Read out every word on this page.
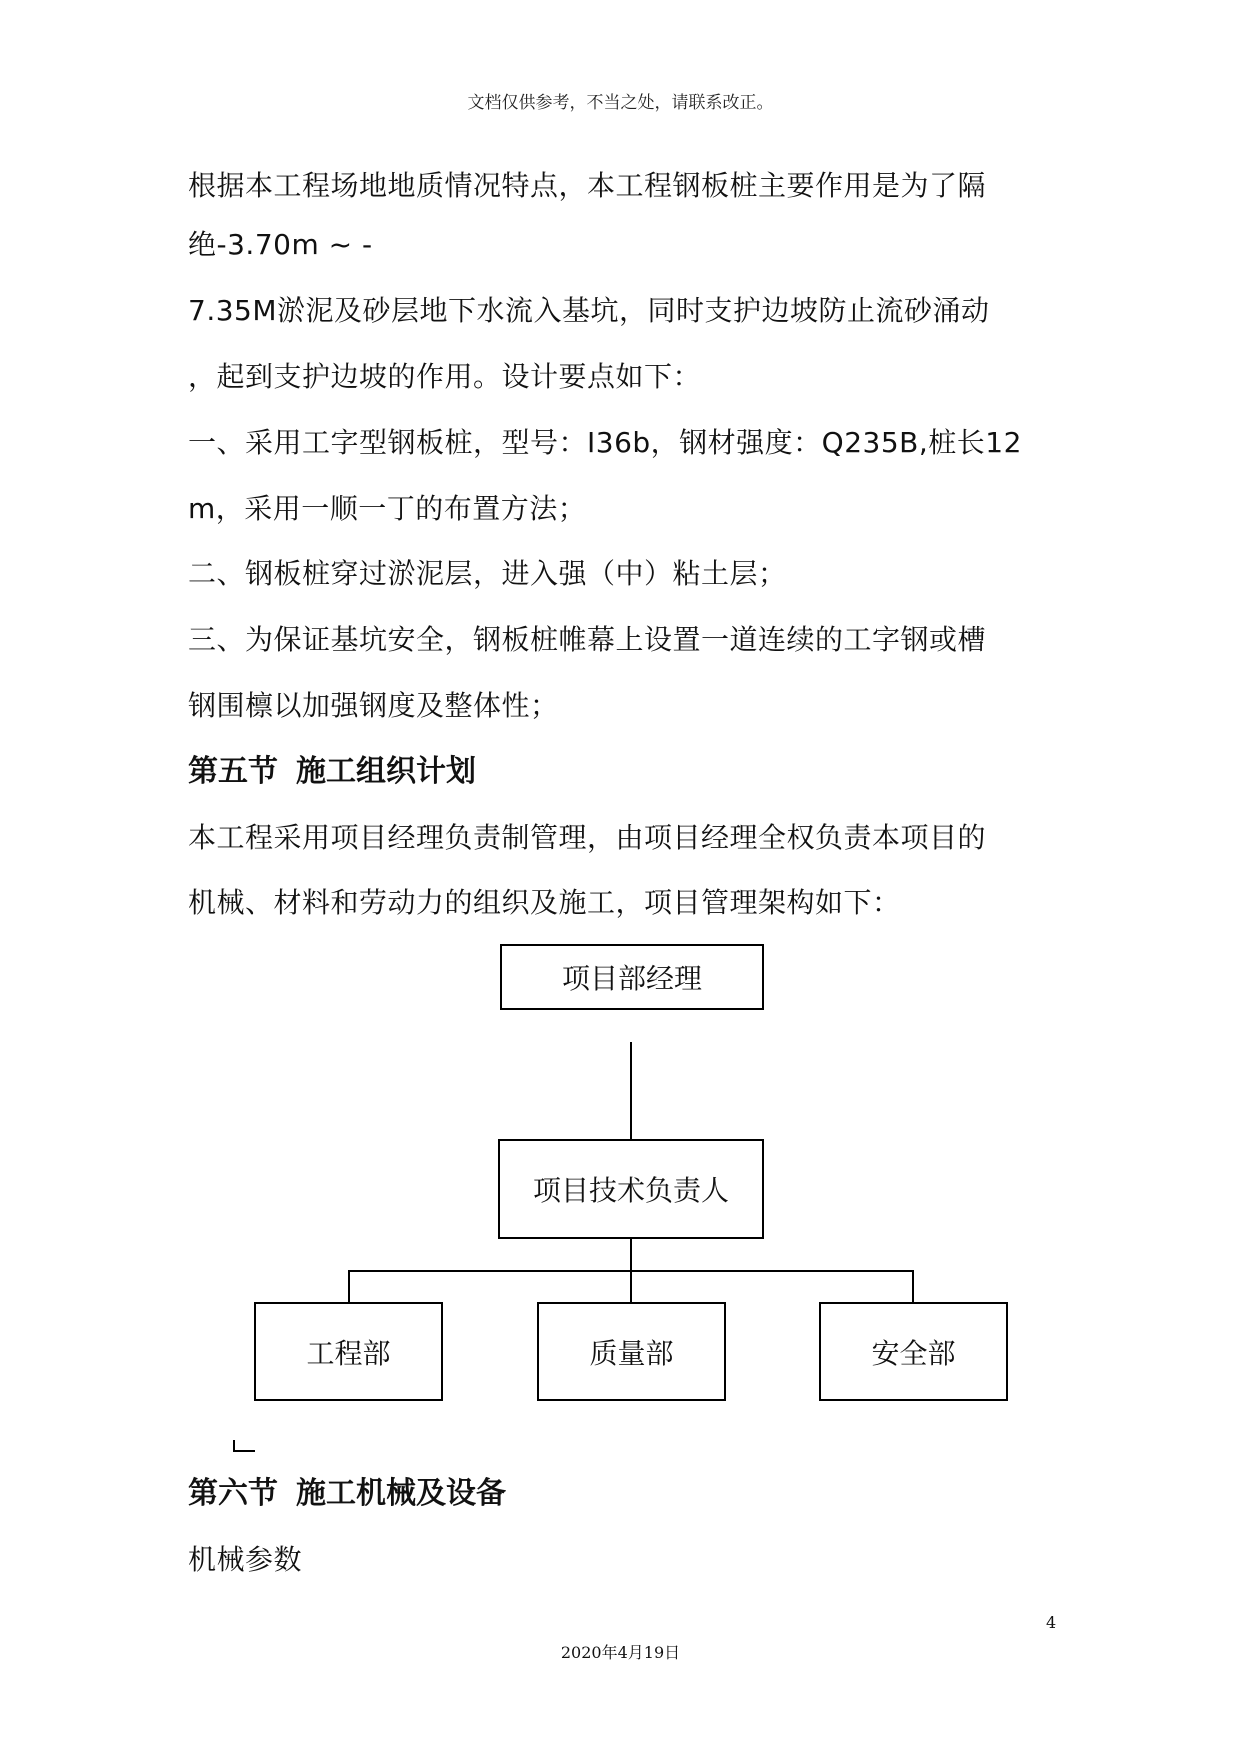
文档仅供参考，不当之处，请联系改正。
根据本工程场地地质情况特点，本工程钢板桩主要作用是为了隔
绝-3.70m ~ -
7.35M淤泥及砂层地下水流入基坑，同时支护边坡防止流砂涌动
，起到支护边坡的作用。设计要点如下：
一、采用工字型钢板桩，型号：I36b，钢材强度：Q235B,桩长12
m，采用一顺一丁的布置方法；
二、钢板桩穿过淤泥层，进入强（中）粘土层；
三、为保证基坑安全，钢板桩帷幕上设置一道连续的工字钢或槽
钢围檩以加强钢度及整体性；
第五节 施工组织计划
本工程采用项目经理负责制管理，由项目经理全权负责本项目的
机械、材料和劳动力的组织及施工，项目管理架构如下：
项目部经理
项目技术负责人
工程部	质量部	安全部
第六节 施工机械及设备
机械参数
4
2020年4月19日
